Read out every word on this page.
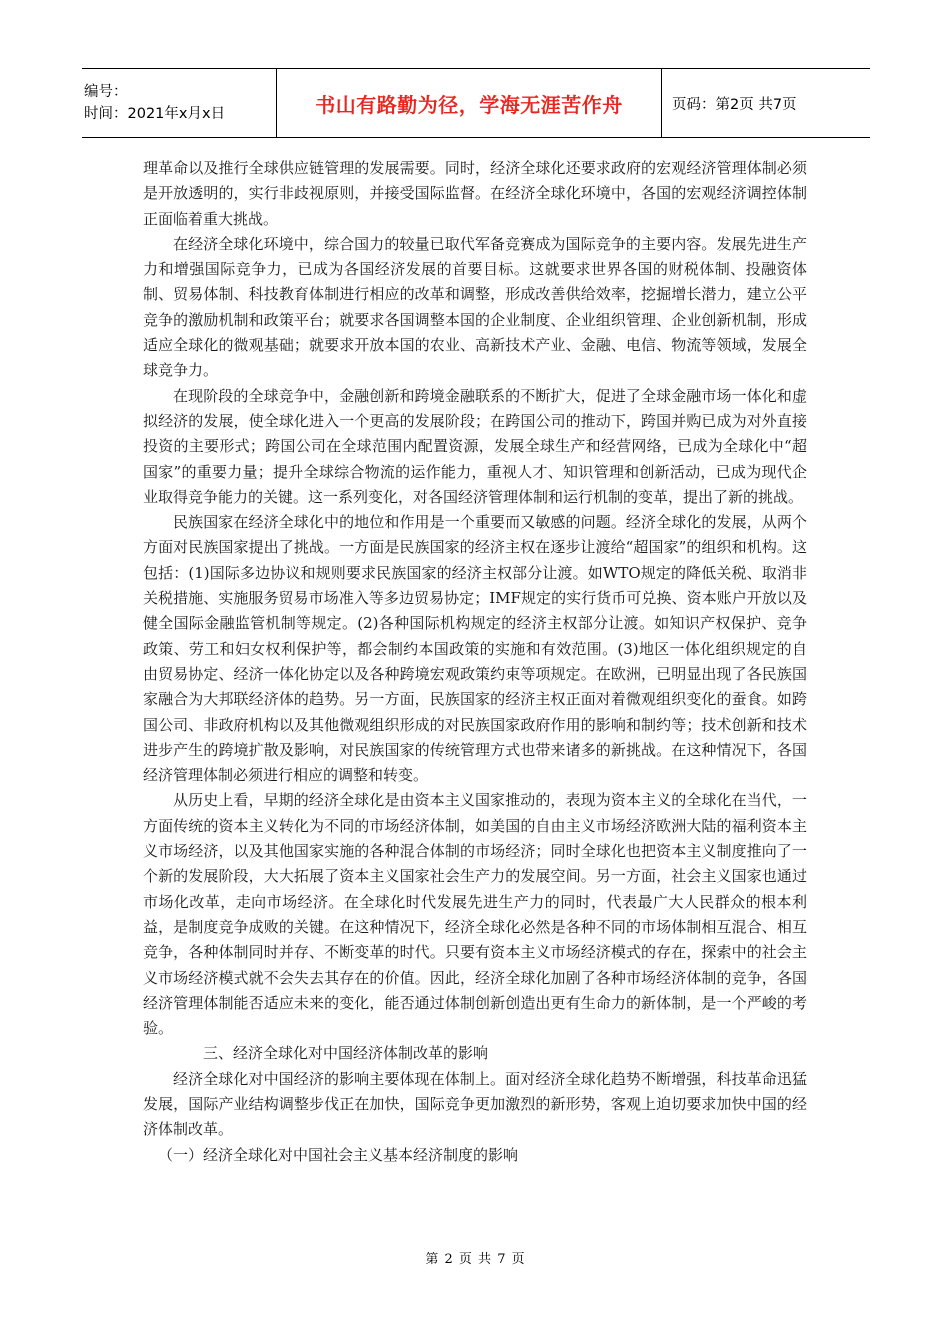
编号：
时间：2021年x月x日	书山有路勤为径，学海无涯苦作舟	页码：第2页 共7页

理革命以及推行全球供应链管理的发展需要。同时，经济全球化还要求政府的宏观经济管理体制必须是开放透明的，实行非歧视原则，并接受国际监督。在经济全球化环境中，各国的宏观经济调控体制正面临着重大挑战。

在经济全球化环境中，综合国力的较量已取代军备竞赛成为国际竞争的主要内容。发展先进生产力和增强国际竞争力，已成为各国经济发展的首要目标。这就要求世界各国的财税体制、投融资体制、贸易体制、科技教育体制进行相应的改革和调整，形成改善供给效率，挖掘增长潜力，建立公平竞争的激励机制和政策平台；就要求各国调整本国的企业制度、企业组织管理、企业创新机制，形成适应全球化的微观基础；就要求开放本国的农业、高新技术产业、金融、电信、物流等领域，发展全球竞争力。

在现阶段的全球竞争中，金融创新和跨境金融联系的不断扩大，促进了全球金融市场一体化和虚拟经济的发展，使全球化进入一个更高的发展阶段；在跨国公司的推动下，跨国并购已成为对外直接投资的主要形式；跨国公司在全球范围内配置资源，发展全球生产和经营网络，已成为全球化中“超国家”的重要力量；提升全球综合物流的运作能力，重视人才、知识管理和创新活动，已成为现代企业取得竞争能力的关键。这一系列变化，对各国经济管理体制和运行机制的变革，提出了新的挑战。

民族国家在经济全球化中的地位和作用是一个重要而又敏感的问题。经济全球化的发展，从两个方面对民族国家提出了挑战。一方面是民族国家的经济主权在逐步让渡给“超国家”的组织和机构。这包括：(1)国际多边协议和规则要求民族国家的经济主权部分让渡。如WTO规定的降低关税、取消非关税措施、实施服务贸易市场准入等多边贸易协定；IMF规定的实行货币可兑换、资本账户开放以及健全国际金融监管机制等规定。(2)各种国际机构规定的经济主权部分让渡。如知识产权保护、竞争政策、劳工和妇女权利保护等，都会制约本国政策的实施和有效范围。(3)地区一体化组织规定的自由贸易协定、经济一体化协定以及各种跨境宏观政策约束等项规定。在欧洲，已明显出现了各民族国家融合为大邦联经济体的趋势。另一方面，民族国家的经济主权正面对着微观组织变化的蚕食。如跨国公司、非政府机构以及其他微观组织形成的对民族国家政府作用的影响和制约等；技术创新和技术进步产生的跨境扩散及影响，对民族国家的传统管理方式也带来诸多的新挑战。在这种情况下，各国经济管理体制必须进行相应的调整和转变。

从历史上看，早期的经济全球化是由资本主义国家推动的，表现为资本主义的全球化在当代，一方面传统的资本主义转化为不同的市场经济体制，如美国的自由主义市场经济欧洲大陆的福利资本主义市场经济，以及其他国家实施的各种混合体制的市场经济；同时全球化也把资本主义制度推向了一个新的发展阶段，大大拓展了资本主义国家社会生产力的发展空间。另一方面，社会主义国家也通过市场化改革，走向市场经济。在全球化时代发展先进生产力的同时，代表最广大人民群众的根本利益，是制度竞争成败的关键。在这种情况下，经济全球化必然是各种不同的市场体制相互混合、相互竞争，各种体制同时并存、不断变革的时代。只要有资本主义市场经济模式的存在，探索中的社会主义市场经济模式就不会失去其存在的价值。因此，经济全球化加剧了各种市场经济体制的竞争，各国经济管理体制能否适应未来的变化，能否通过体制创新创造出更有生命力的新体制，是一个严峻的考验。

三、经济全球化对中国经济体制改革的影响

经济全球化对中国经济的影响主要体现在体制上。面对经济全球化趋势不断增强，科技革命迅猛发展，国际产业结构调整步伐正在加快，国际竞争更加激烈的新形势，客观上迫切要求加快中国的经济体制改革。

（一）经济全球化对中国社会主义基本经济制度的影响

第 2 页 共 7 页
